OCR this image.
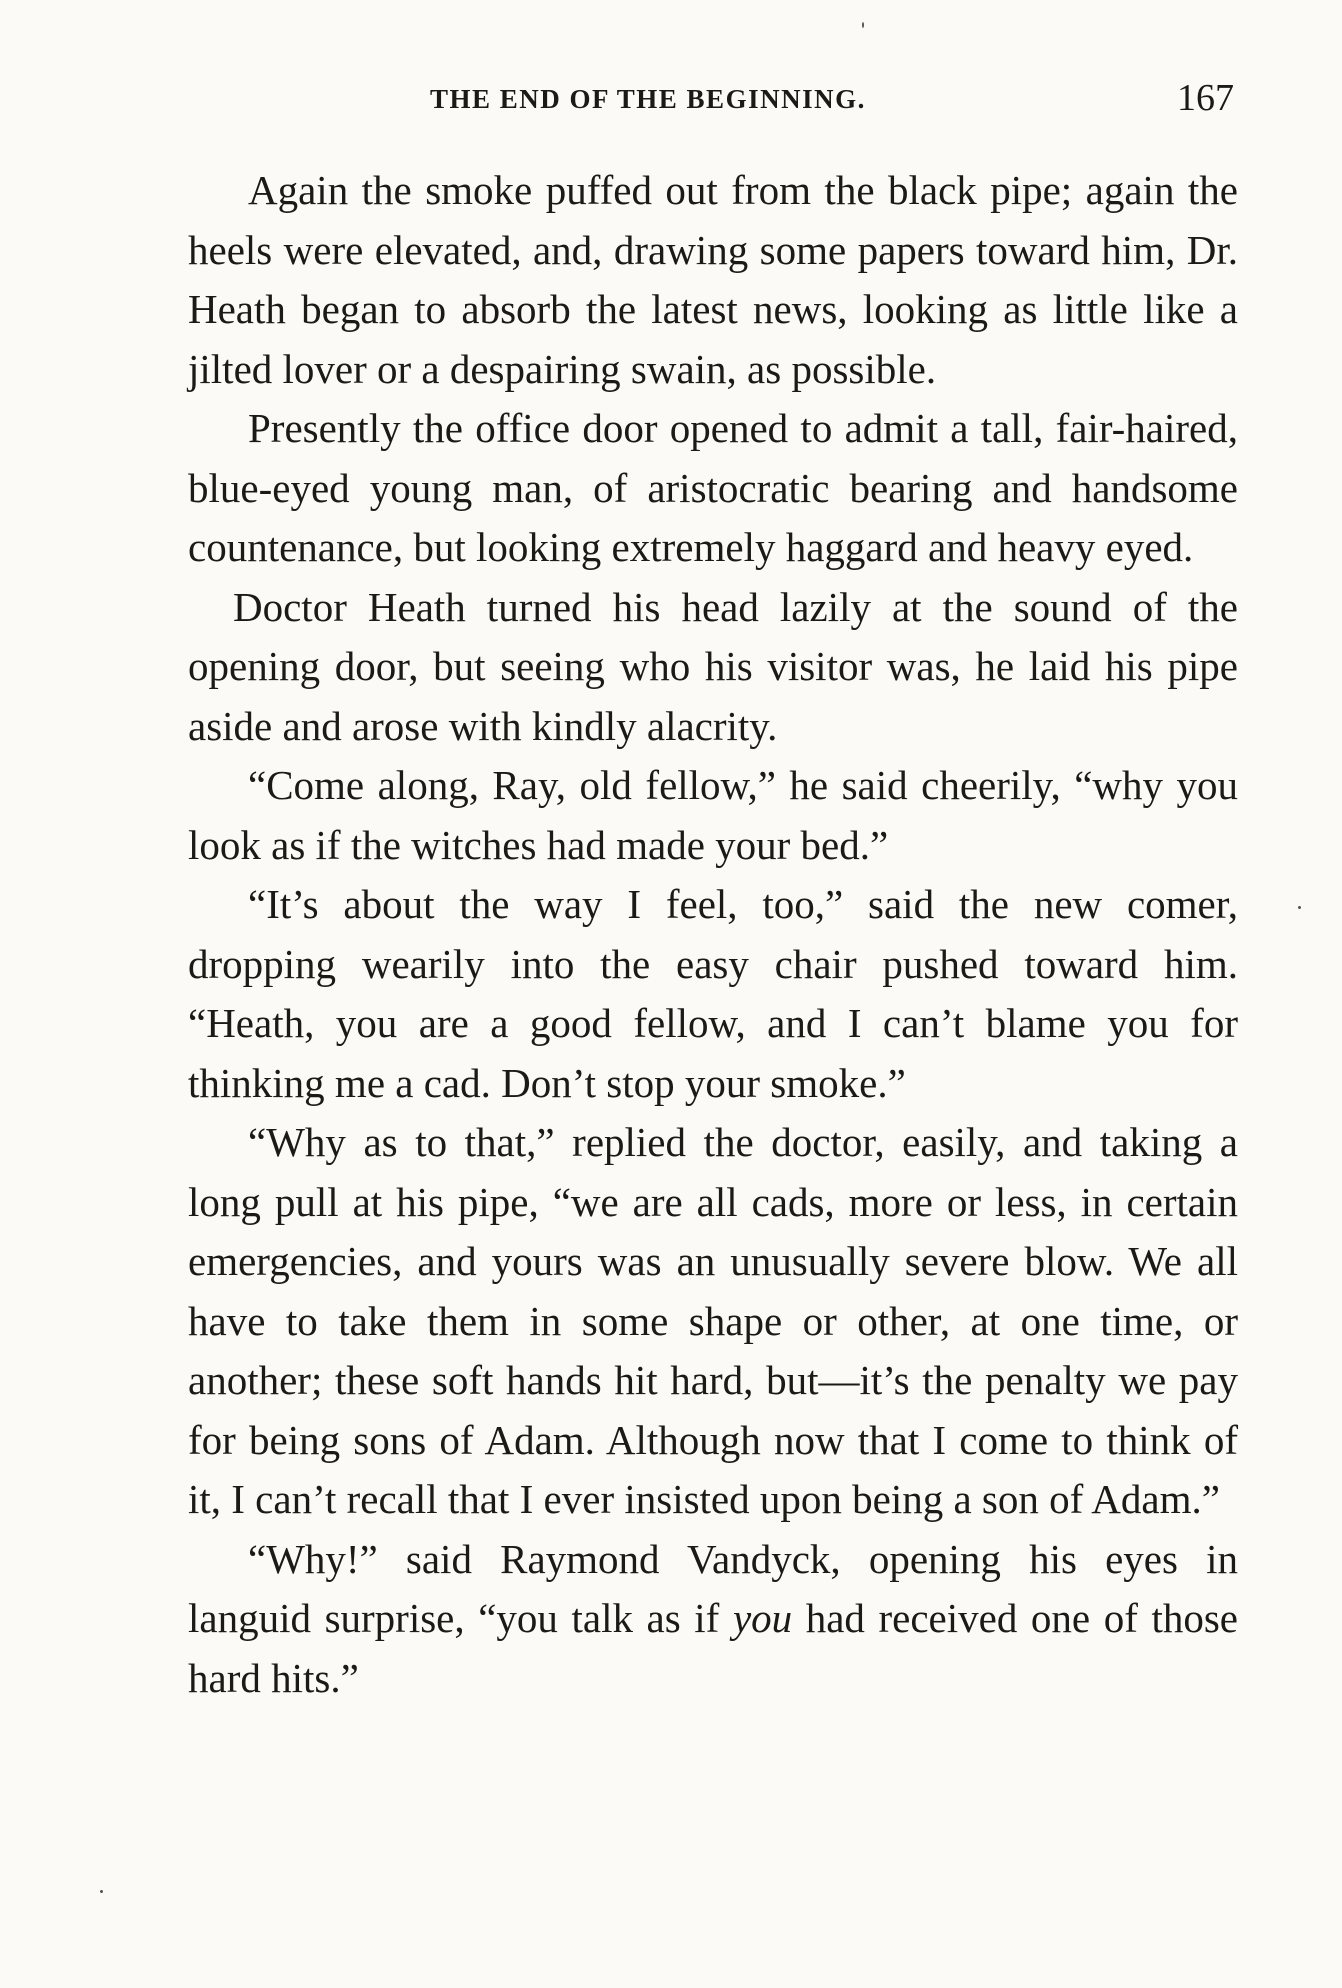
THE END OF THE BEGINNING.	167

Again the smoke puffed out from the black pipe; again the heels were elevated, and, drawing some papers toward him, Dr. Heath began to absorb the latest news, looking as little like a jilted lover or a despairing swain, as possible.

Presently the office door opened to admit a tall, fair-haired, blue-eyed young man, of aristocratic bearing and handsome countenance, but looking extremely haggard and heavy eyed.

Doctor Heath turned his head lazily at the sound of the opening door, but seeing who his visitor was, he laid his pipe aside and arose with kindly alacrity.

“Come along, Ray, old fellow,” he said cheerily, “why you look as if the witches had made your bed.”

“It’s about the way I feel, too,” said the new comer, dropping wearily into the easy chair pushed toward him. “Heath, you are a good fellow, and I can’t blame you for thinking me a cad. Don’t stop your smoke.”

“Why as to that,” replied the doctor, easily, and taking a long pull at his pipe, “we are all cads, more or less, in certain emergencies, and yours was an unusually severe blow. We all have to take them in some shape or other, at one time, or another; these soft hands hit hard, but—it’s the penalty we pay for being sons of Adam. Although now that I come to think of it, I can’t recall that I ever insisted upon being a son of Adam.”

“Why!” said Raymond Vandyck, opening his eyes in languid surprise, “you talk as if you had received one of those hard hits.”
